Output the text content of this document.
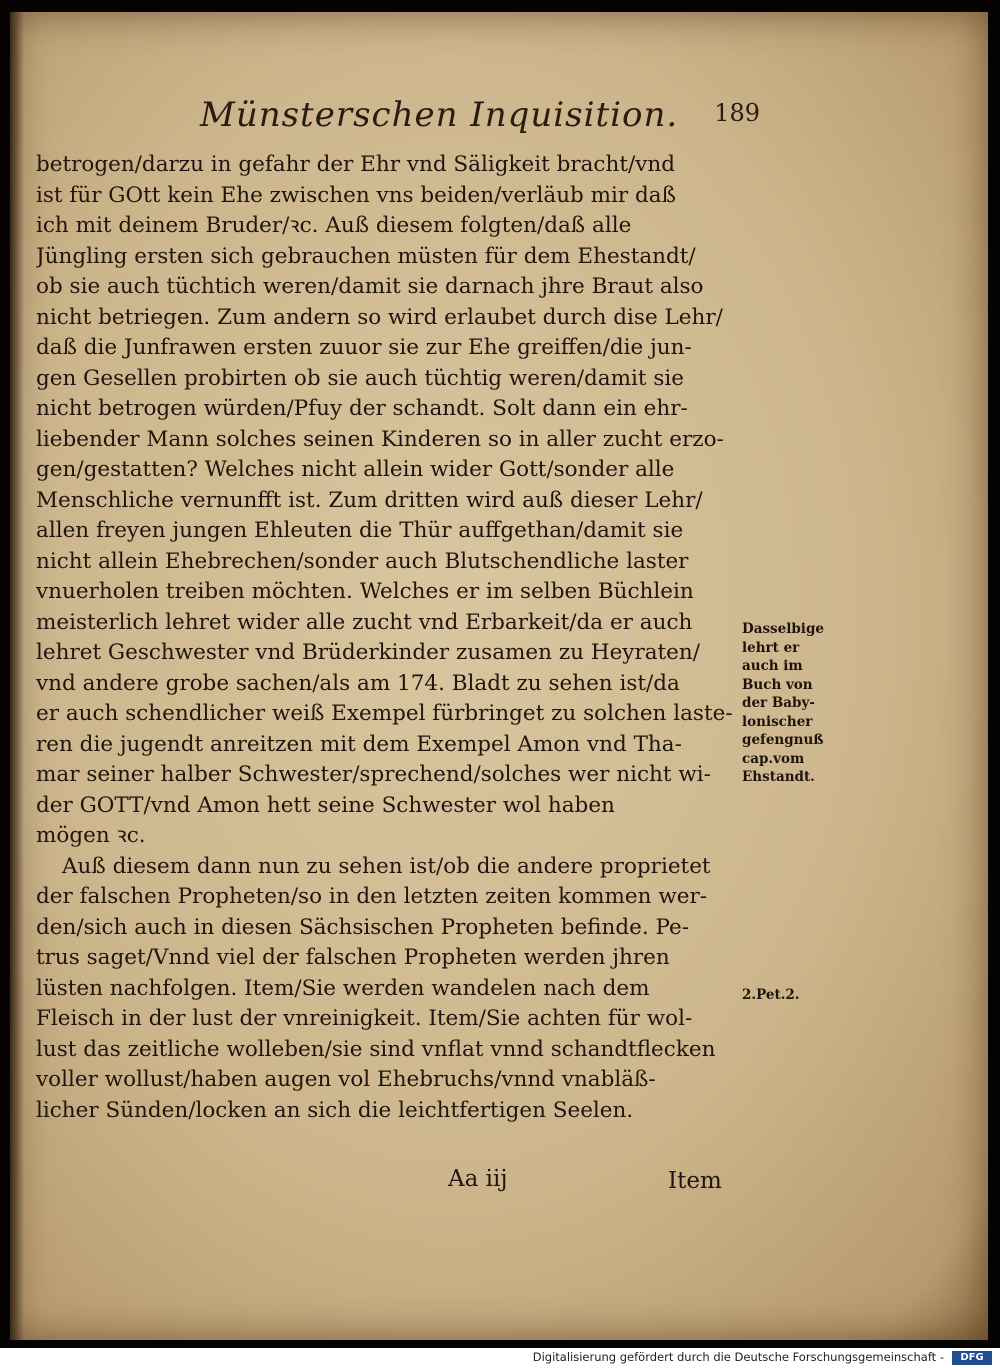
Münsterschen Inquisition. 189
betrogen/darzu in gefahr der Ehr vnd Säligkeit bracht/vnd
ist für GOtt kein Ehe zwischen vns beiden/verläub mir daß
ich mit deinem Bruder/ꝛc. Auß diesem folgten/daß alle
Jüngling ersten sich gebrauchen müsten für dem Ehestandt/
ob sie auch tüchtich weren/damit sie darnach jhre Braut also
nicht betriegen. Zum andern so wird erlaubet durch dise Lehr/
daß die Junfrawen ersten zuuor sie zur Ehe greiffen/die jun-
gen Gesellen probirten ob sie auch tüchtig weren/damit sie
nicht betrogen würden/Pfuy der schandt. Solt dann ein ehr-
liebender Mann solches seinen Kinderen so in aller zucht erzo-
gen/gestatten? Welches nicht allein wider Gott/sonder alle
Menschliche vernunfft ist. Zum dritten wird auß dieser Lehr/
allen freyen jungen Ehleuten die Thür auffgethan/damit sie
nicht allein Ehebrechen/sonder auch Blutschendliche laster
vnuerholen treiben möchten. Welches er im selben Büchlein
meisterlich lehret wider alle zucht vnd Erbarkeit/da er auch
lehret Geschwester vnd Brüderkinder zusamen zu Heyraten/
vnd andere grobe sachen/als am 174. Bladt zu sehen ist/da
er auch schendlicher weiß Exempel fürbringet zu solchen laste-
ren die jugendt anreitzen mit dem Exempel Amon vnd Tha-
mar seiner halber Schwester/sprechend/solches wer nicht wi-
der GOTT/vnd Amon hett seine Schwester wol haben
mögen ꝛc.
Auß diesem dann nun zu sehen ist/ob die andere proprietet
der falschen Propheten/so in den letzten zeiten kommen wer-
den/sich auch in diesen Sächsischen Propheten befinde. Pe-
trus saget/Vnnd viel der falschen Propheten werden jhren
lüsten nachfolgen. Item/Sie werden wandelen nach dem
Fleisch in der lust der vnreinigkeit. Item/Sie achten für wol-
lust das zeitliche wolleben/sie sind vnflat vnnd schandtflecken
voller wollust/haben augen vol Ehebruchs/vnnd vnabläß-
licher Sünden/locken an sich die leichtfertigen Seelen.
Dasselbige
lehrt er
auch im
Buch von
der Baby-
lonischer
gefengnuß
cap.vom
Ehstandt.
2.Pet.2.
Aa iij	Item
Digitalisierung gefördert durch die Deutsche Forschungsgemeinschaft -	DFG
